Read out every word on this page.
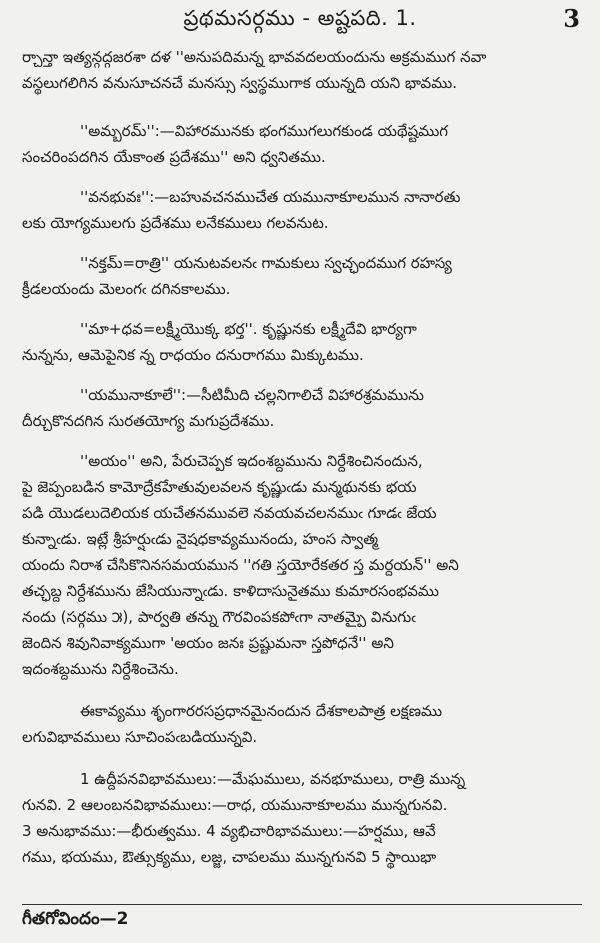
ప్రథమసర్గము - అష్టపది. 1.	3
ర్చాన్తా ఇత్యన్గద్గజరశా దళ ''అనుపదిమన్న భావవదలయందును అక్రమముగ నవా
వస్థలుగలిగిన వనుసూచనచే మనస్సు స్వస్థముగాక యున్నది యని భావము.
''అమ్బరమ్'':—విహారమునకు భంగముగలుగకుండ యథేష్టముగ
సంచరింపదగిన యేకాంత ప్రదేశము'' అని ధ్వనితము.
''వనభువః'':—బహువచనముచేత యమునాకూలమున నానారతు
లకు యోగ్యములగు ప్రదేశము లనేకములు గలవనుట.
''నక్తమ్=రాత్రి'' యనుటవలనఁ గామకులు స్వచ్ఛందముగ రహస్య
క్రీడలయందు మెలంగఁ దగినకాలము.
''మా+ధవ=లక్ష్మీయొక్క భర్త''. కృష్ణునకు లక్ష్మీదేవి భార్యగా
నున్నను, ఆమెపైనిక న్న రాధయం దనురాగము మిక్కుటము.
''యమునాకూలే'':—సీటిమీది చల్లనిగాలిచే విహారశ్రమమును
దీర్చుకొనదగిన సురతయోగ్య మగుప్రదేశము.
''అయం'' అని, పేరుచెప్పక ఇదంశబ్దమును నిర్దేశించినందున,
పై జెప్పంబడిన కామోద్రేకహేతువులవలన కృష్ణుఁడు మన్మథునకు భయ
పడి యొడలుదెలియక యచేతనమువలె నవయవచలనముఁ గూడఁ జేయ
కున్నాఁడు. ఇట్లే శ్రీహర్షుఁడు నైషధకావ్యమునందు, హంస స్వాత్మ
యందు నిరాశ చేసికొనినసమయమున ''గతి స్తయోరేకతర స్త మర్దయన్'' అని
తచ్ఛబ్ద నిర్దేశమును జేసియున్నాఁడు. కాళిదాసునైతము కుమారసంభవము
నందు (సర్గము ౫), పార్వతి తన్ను గౌరవింపకపోఁగా నాతమ్పై వినుగుఁ
జెందిన శివునివాక్యముగా 'అయం జనః ప్రష్టుమనా స్తపోధనే'' అని
ఇదంశబ్దమును నిర్దేశించెను.
ఈకావ్యము శృంగారరసప్రధానమైనందున దేశకాలపాత్ర లక్షణము
లగువిభావములు సూచింపఁబడియున్నవి.
1 ఉద్దీపనవిభావములు:—మేఘములు, వనభూములు, రాత్రి మున్న
గునవి. 2 ఆలంబనవిభావములు:—రాధ, యమునాకూలము మున్నగునవి.
3 అనుభావము:—భీరుత్వము. 4 వ్యభిచారిభావములు:—హర్షము, ఆవే
గము, భయము, ఔత్సుక్యము, లజ్జ, చాపలము మున్నగునవి 5 స్థాయిభా
గీతగోవిందం—2
